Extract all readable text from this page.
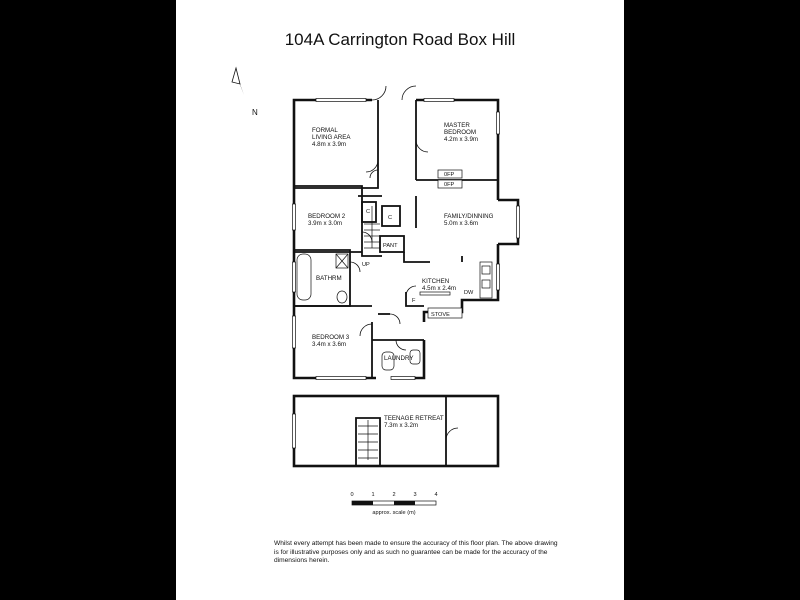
104A Carrington Road Box Hill
N
FORMAL
LIVING AREA
4.8m x 3.9m
MASTER
BEDROOM
4.2m x 3.9m
BEDROOM 2
3.9m x 3.0m
FAMILY/DINNING
5.0m x 3.6m
KITCHEN
4.5m x 2.4m
BATHRM
BEDROOM 3
3.4m x 3.6m
LAUNDRY
0FP
0FP
C
C
PANT
UP
DW
F
STOVE
TEENAGE RETREAT
7.3m x 3.2m
0	1	2	3	4
approx. scale (m)
Whilst every attempt has been made to ensure the accuracy of this floor plan. The above drawing is for illustrative purposes only and as such no guarantee can be made for the accuracy of the dimensions herein.
